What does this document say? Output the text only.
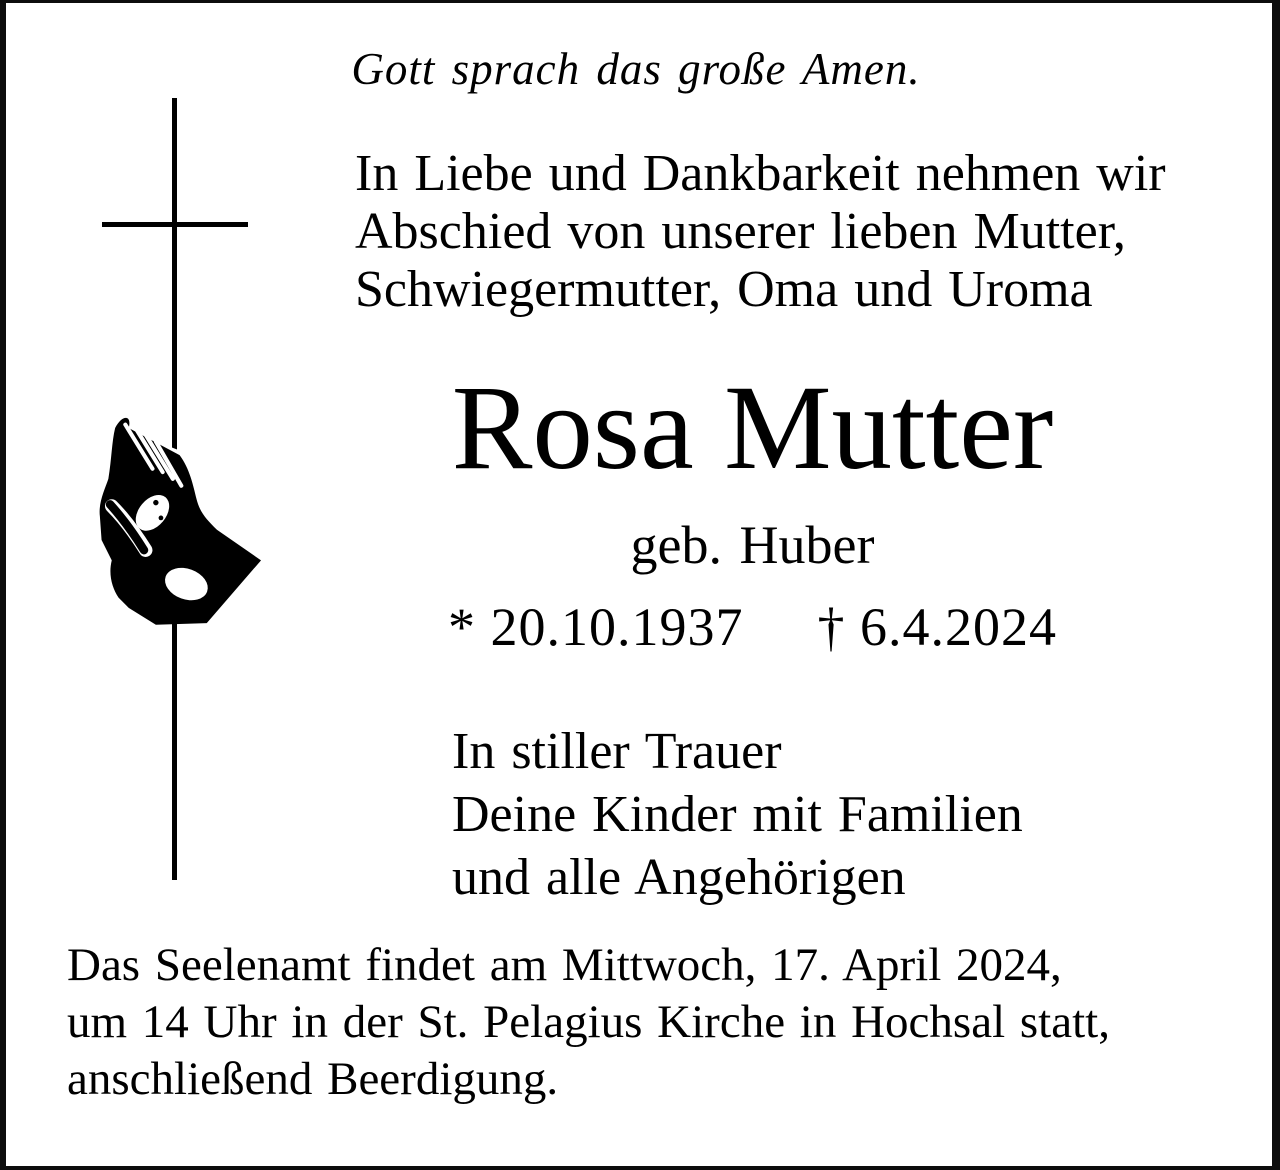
Gott sprach das große Amen.
In Liebe und Dankbarkeit nehmen wir
Abschied von unserer lieben Mutter,
Schwiegermutter, Oma und Uroma
Rosa Mutter
geb. Huber
* 20.10.1937 † 6.4.2024
In stiller Trauer
Deine Kinder mit Familien
und alle Angehörigen
Das Seelenamt findet am Mittwoch, 17. April 2024,
um 14 Uhr in der St. Pelagius Kirche in Hochsal statt,
anschließend Beerdigung.
